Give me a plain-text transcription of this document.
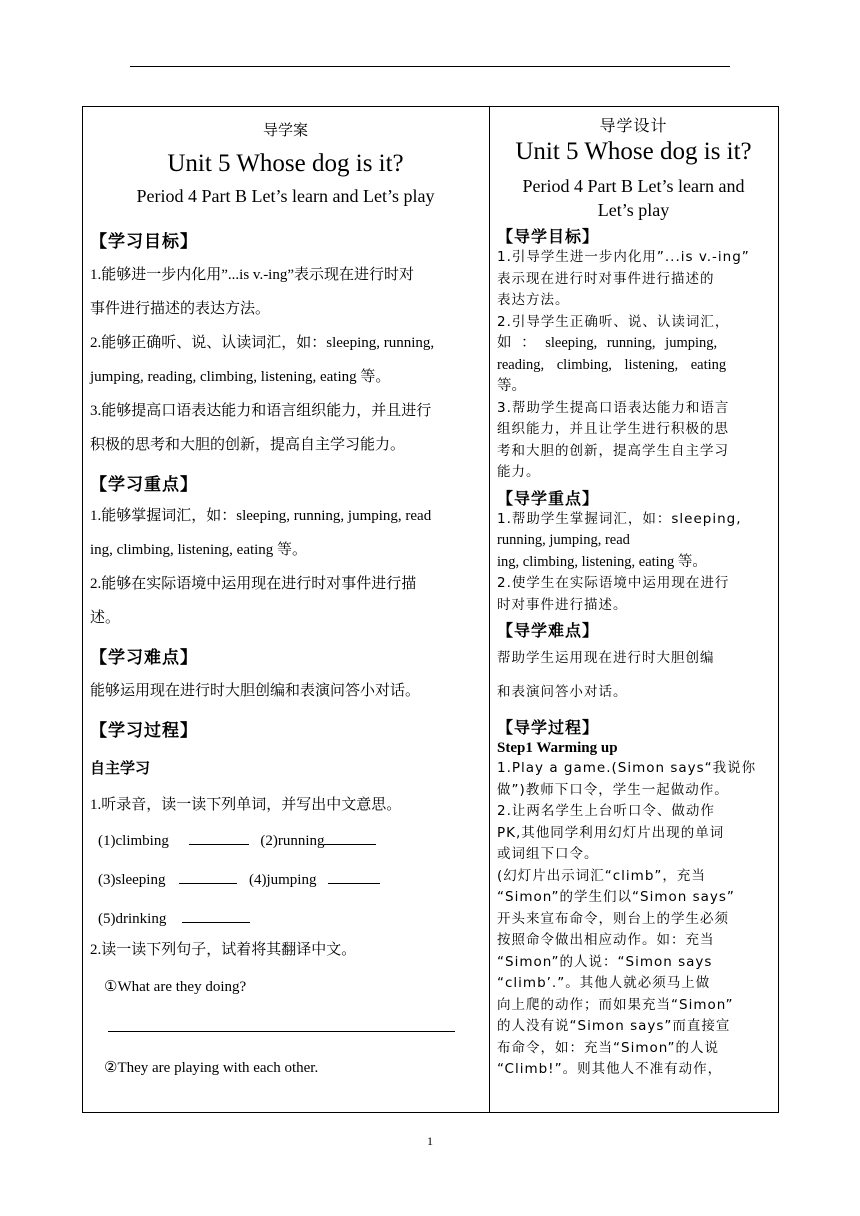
导学案
Unit 5 Whose dog is it?
Period 4 Part B Let’s learn and Let’s play
【学习目标】

1.能够进一步内化用”...is v.-ing”表示现在进行时对

事件进行描述的表达方法。

2.能够正确听、说、认读词汇，如：sleeping, running,

jumping, reading, climbing, listening, eating 等。

3.能够提高口语表达能力和语言组织能力，并且进行

积极的思考和大胆的创新，提高自主学习能力。

【学习重点】

1.能够掌握词汇，如：sleeping, running, jumping, read

ing, climbing, listening, eating 等。

2.能够在实际语境中运用现在进行时对事件进行描

述。

【学习难点】

能够运用现在进行时大胆创编和表演问答小对话。

【学习过程】
自主学习

1.听录音，读一读下列单词，并写出中文意思。

(1)climbing	(2)running
(3)sleeping	(4)jumping
(5)drinking

2.读一读下列句子，试着将其翻译中文。

①What are they doing?

②They are playing with each other.

导学设计
Unit 5 Whose dog is it?
Period 4 Part B Let’s learn and
Let’s play
【导学目标】

1.引导学生进一步内化用”...is v.-ing”

表示现在进行时对事件进行描述的

表达方法。

2.引导学生正确听、说、认读词汇，

如 ： sleeping, running, jumping,

reading, climbing, listening, eating

等。

3.帮助学生提高口语表达能力和语言

组织能力，并且让学生进行积极的思

考和大胆的创新，提高学生自主学习

能力。

【导学重点】

1.帮助学生掌握词汇，如：sleeping,

running, jumping, read

ing, climbing, listening, eating 等。

2.使学生在实际语境中运用现在进行

时对事件进行描述。

【导学难点】

帮助学生运用现在进行时大胆创编

和表演问答小对话。

【导学过程】
Step1 Warming up

1.Play a game.(Simon says“我说你

做”)教师下口令，学生一起做动作。

2.让两名学生上台听口令、做动作

PK,其他同学利用幻灯片出现的单词

或词组下口令。

(幻灯片出示词汇“climb”，充当

“Simon”的学生们以“Simon says”

开头来宣布命令，则台上的学生必须

按照命令做出相应动作。如：充当

“Simon”的人说：“Simon says

“climb’.”。其他人就必须马上做

向上爬的动作；而如果充当“Simon”

的人没有说“Simon says”而直接宣

布命令，如：充当“Simon”的人说

“Climb!”。则其他人不准有动作，

1
